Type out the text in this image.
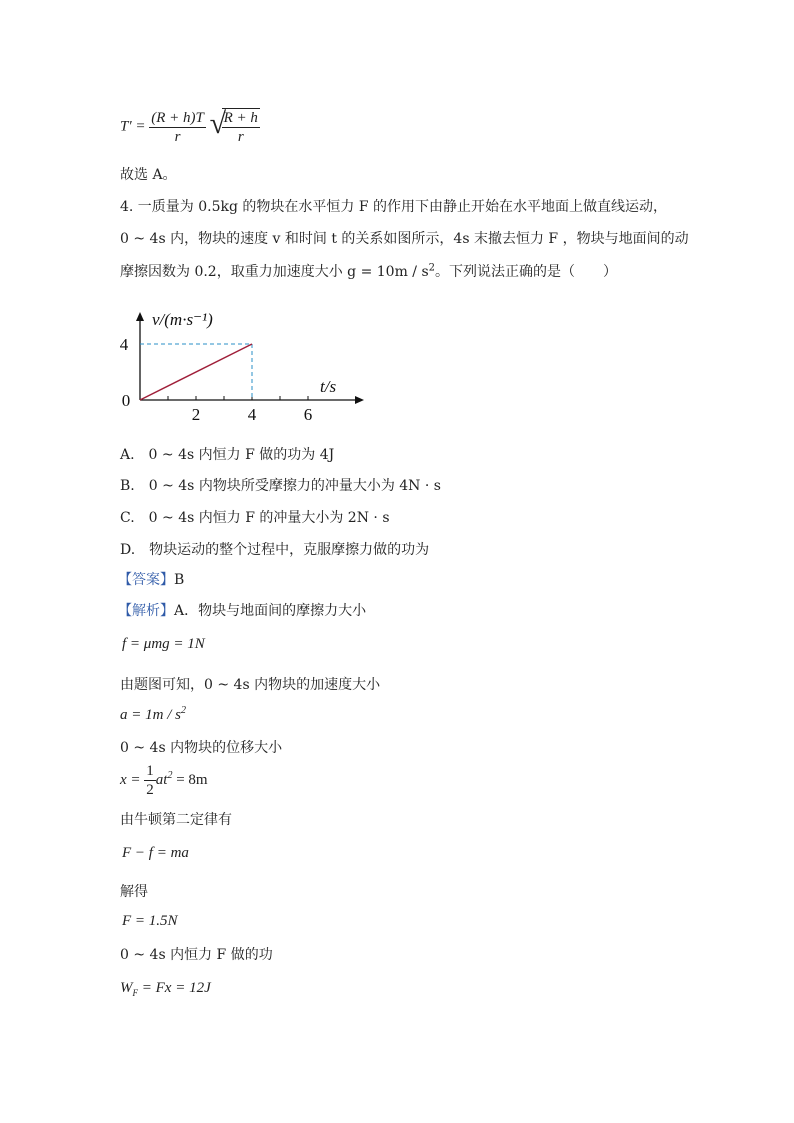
$T' = \frac{(R + h)T}{r}$
√
$\frac{R + h}{r}$
故选 A。
4. 一质量为 0.5kg 的物块在水平恒力 F 的作用下由静止开始在水平地面上做直线运动，
0 ~ 4s 内，物块的速度 v 和时间 t 的关系如图所示，4s 末撤去恒力 F ，物块与地面间的动
摩擦因数为 0.2，取重力加速度大小 $g = 10m / s^2$。下列说法正确的是（　　）
2	4	6
4
0
v/(m·s⁻¹)
t/s
A.　0 ~ 4s 内恒力 F 做的功为 4J
B.　0 ~ 4s 内物块所受摩擦力的冲量大小为 4N · s
C.　0 ~ 4s 内恒力 F 的冲量大小为 2N · s
D.　物块运动的整个过程中，克服摩擦力做的功为
【答案】B
【解析】A．物块与地面间的摩擦力大小
f = μmg = 1N
由题图可知，0 ~ 4s 内物块的加速度大小
$a = 1m / s^2$
0 ~ 4s 内物块的位移大小
$x = \frac{1}{2} at^2 = 8m$
由牛顿第二定律有
F − f = ma
解得
F = 1.5N
0 ~ 4s 内恒力 F 做的功
$W_F = Fx = 12J$
